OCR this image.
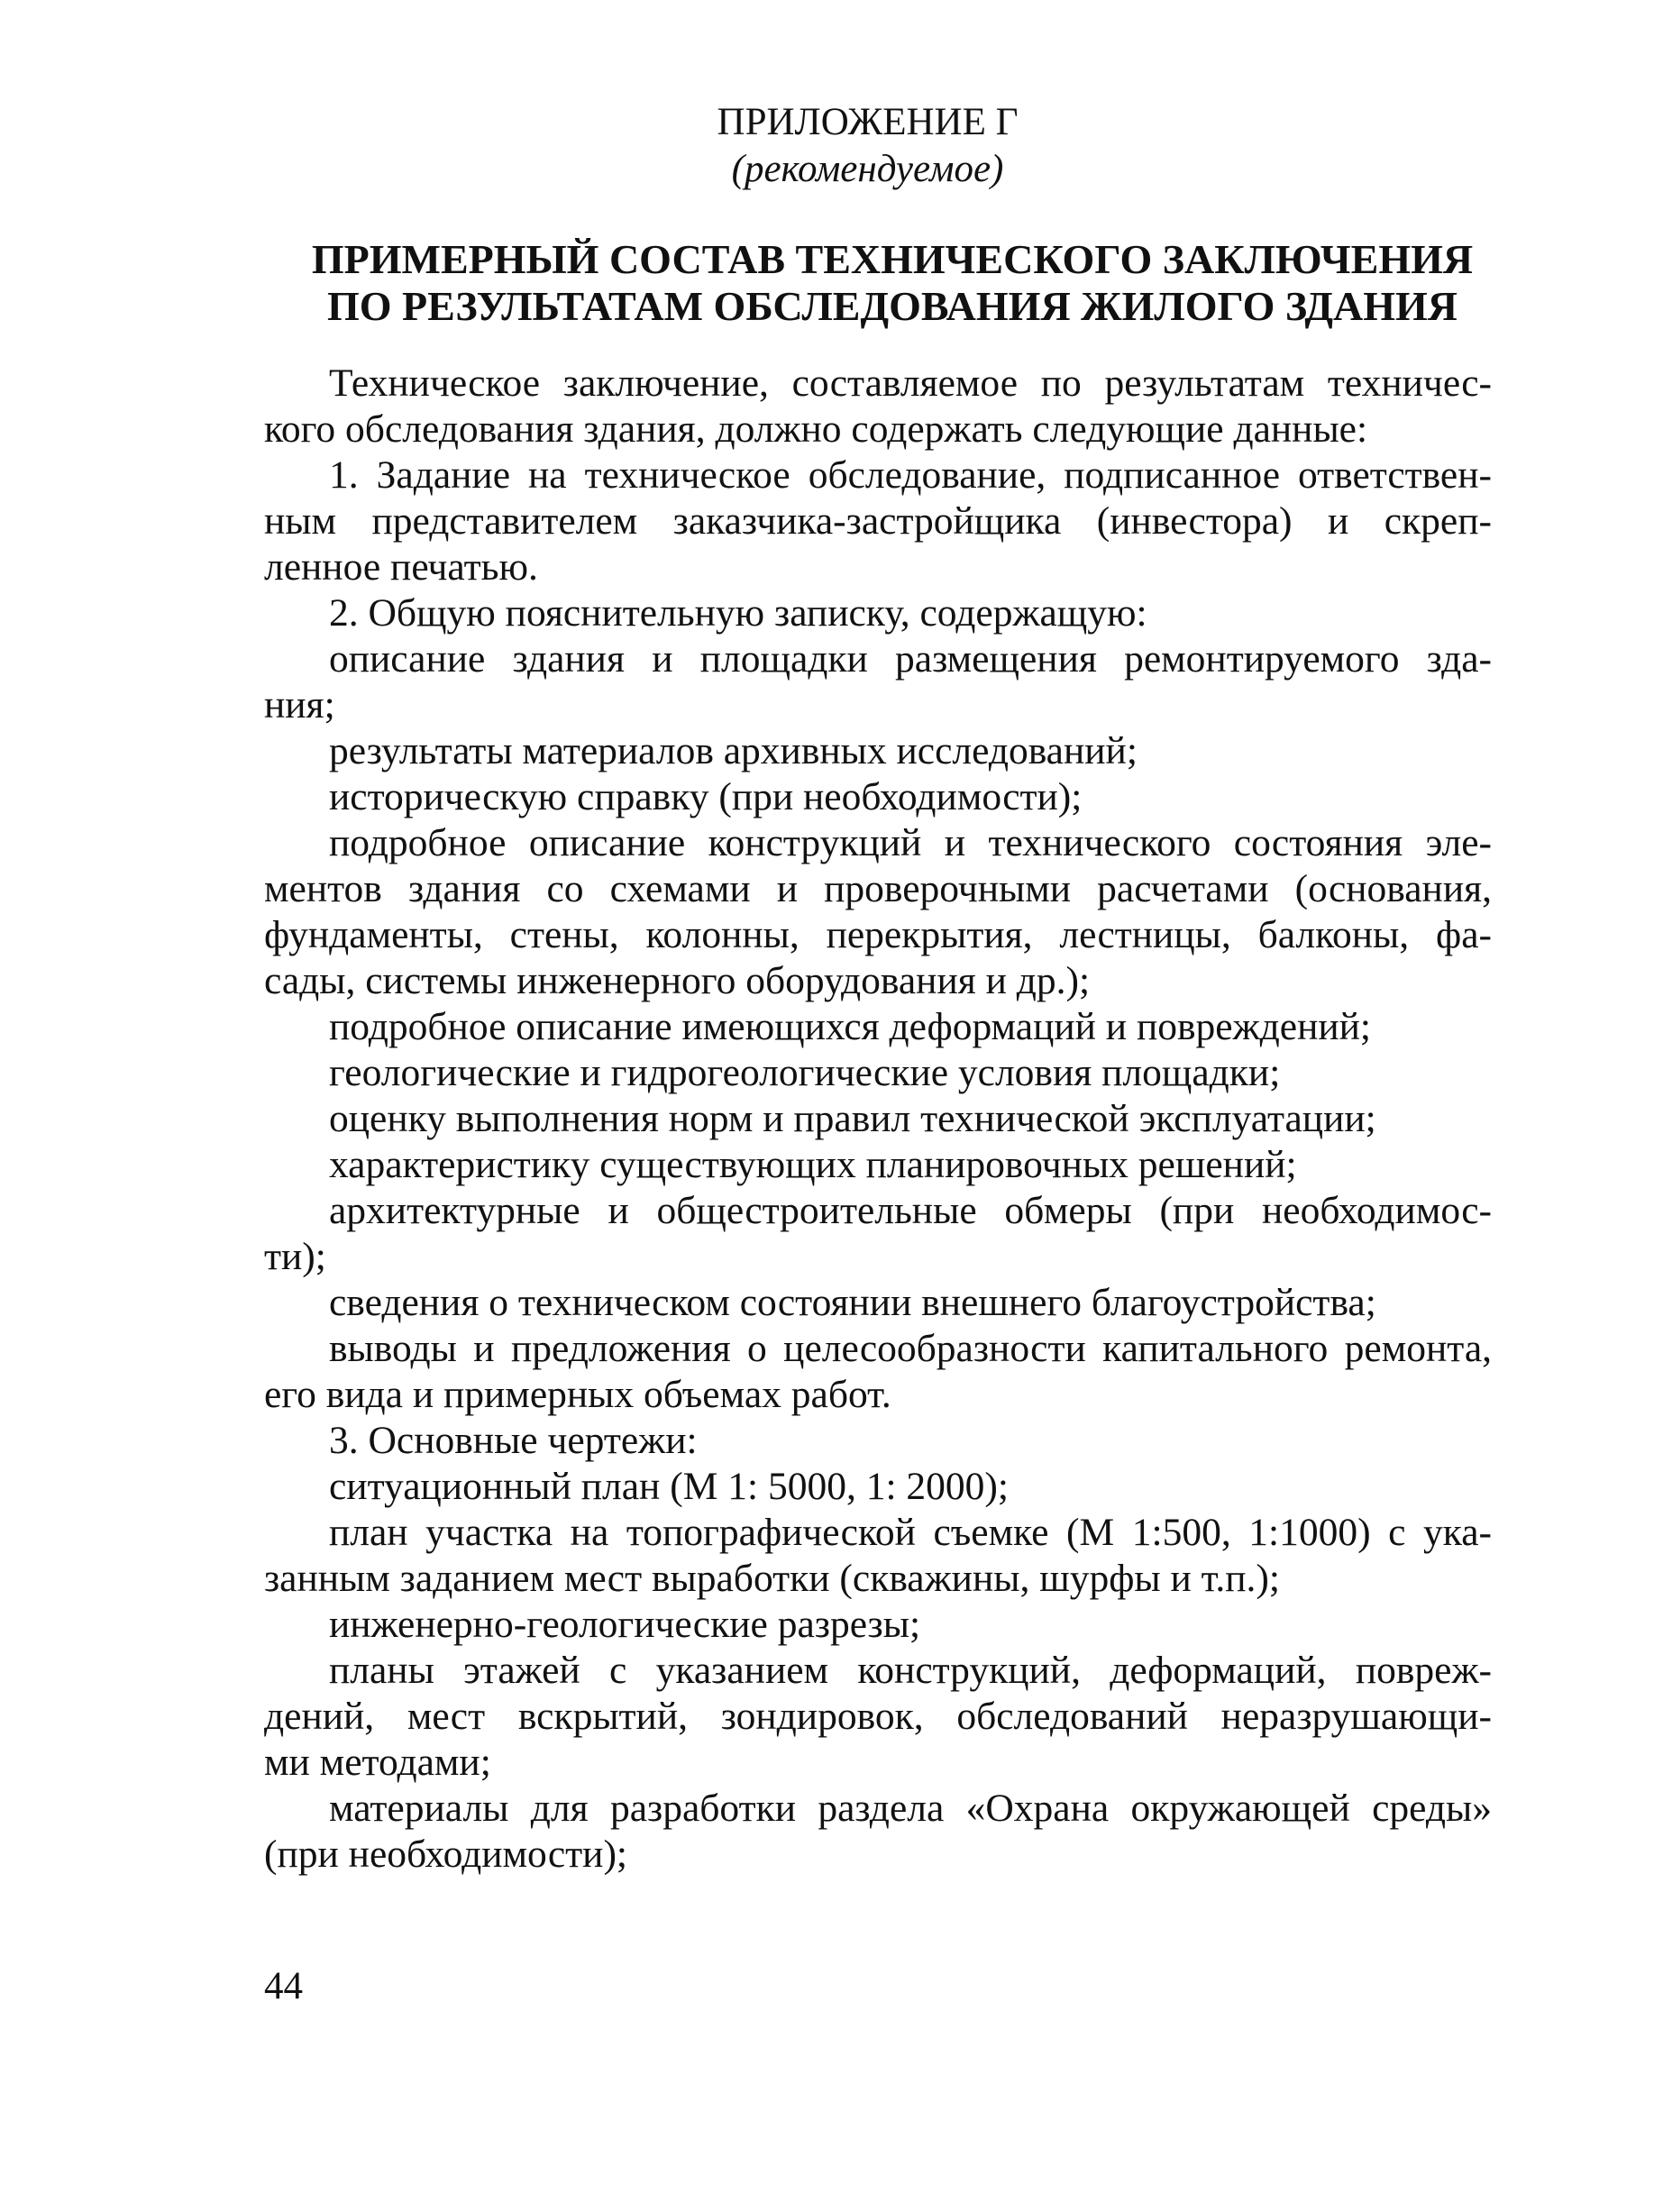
ПРИЛОЖЕНИЕ Г
(рекомендуемое)
ПРИМЕРНЫЙ СОСТАВ ТЕХНИЧЕСКОГО ЗАКЛЮЧЕНИЯ
ПО РЕЗУЛЬТАТАМ ОБСЛЕДОВАНИЯ ЖИЛОГО ЗДАНИЯ
Техническое заключение, составляемое по результатам техничес-
кого обследования здания, должно содержать следующие данные:
1. Задание на техническое обследование, подписанное ответствен-
ным представителем заказчика-застройщика (инвестора) и скреп-
ленное печатью.
2. Общую пояснительную записку, содержащую:
описание здания и площадки размещения ремонтируемого зда-
ния;
результаты материалов архивных исследований;
историческую справку (при необходимости);
подробное описание конструкций и технического состояния эле-
ментов здания со схемами и проверочными расчетами (основания,
фундаменты, стены, колонны, перекрытия, лестницы, балконы, фа-
сады, системы инженерного оборудования и др.);
подробное описание имеющихся деформаций и повреждений;
геологические и гидрогеологические условия площадки;
оценку выполнения норм и правил технической эксплуатации;
характеристику существующих планировочных решений;
архитектурные и общестроительные обмеры (при необходимос-
ти);
сведения о техническом состоянии внешнего благоустройства;
выводы и предложения о целесообразности капитального ремонта,
его вида и примерных объемах работ.
3. Основные чертежи:
ситуационный план (М 1: 5000, 1: 2000);
план участка на топографической съемке (М 1:500, 1:1000) с ука-
занным заданием мест выработки (скважины, шурфы и т.п.);
инженерно-геологические разрезы;
планы этажей с указанием конструкций, деформаций, повреж-
дений, мест вскрытий, зондировок, обследований неразрушающи-
ми методами;
материалы для разработки раздела «Охрана окружающей среды»
(при необходимости);
44
